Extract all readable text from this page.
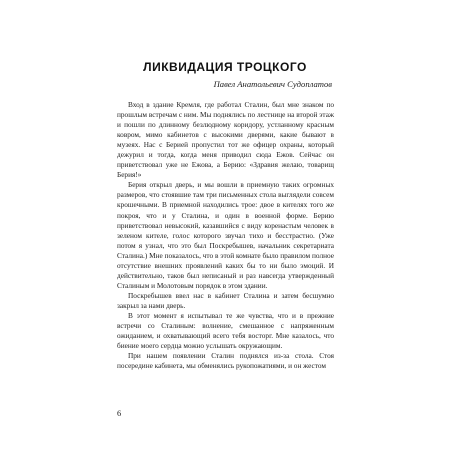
ЛИКВИДАЦИЯ ТРОЦКОГО
Павел Анатольевич Судоплатов

Вход в здание Кремля, где работал Сталин, был мне знаком по прошлым встречам с ним. Мы поднялись по лестнице на второй этаж и пошли по длинному безлюдному коридору, устланному красным ковром, мимо кабинетов с высокими дверями, какие бывают в музеях. Нас с Берией пропустил тот же офицер охраны, который дежурил и тогда, когда меня приводил сюда Ежов. Сейчас он приветствовал уже не Ежова, а Берию: «Здравия желаю, товарищ Берия!»

Берия открыл дверь, и мы вошли в приемную таких огромных размеров, что стоявшие там три письменных стола выглядели совсем крошечными. В приемной находились трое: двое в кителях того же покроя, что и у Сталина, и один в военной форме. Берию приветствовал невысокий, казавшийся с виду коренастым человек в зеленом кителе, голос которого звучал тихо и бесстрастно. (Уже потом я узнал, что это был Поскребышев, начальник секретариата Сталина.) Мне показалось, что в этой комнате было правилом полное отсутствие внешних проявлений каких бы то ни было эмоций. И действительно, таков был неписаный и раз навсегда утвержденный Сталиным и Молотовым порядок в этом здании.

Поскребышев ввел нас в кабинет Сталина и затем бесшумно закрыл за нами дверь.

В этот момент я испытывал те же чувства, что и в прежние встречи со Сталиным: волнение, смешанное с напряженным ожиданием, и охватывающий всего тебя восторг. Мне казалось, что биение моего сердца можно услышать окружающим.

При нашем появлении Сталин поднялся из-за стола. Стоя посередине кабинета, мы обменялись рукопожатиями, и он жестом

6
